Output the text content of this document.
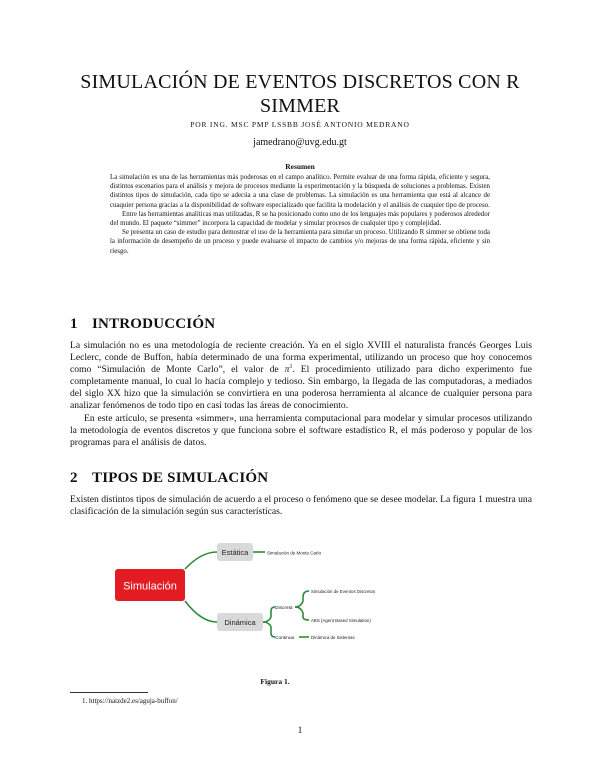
SIMULACIÓN DE EVENTOS DISCRETOS CON R SIMMER
POR ING. MSC PMP LSSBB JOSÉ ANTONIO MEDRANO
jamedrano@uvg.edu.gt
Resumen

La simulación es una de las herramientas más poderosas en el campo analítico. Permite evaluar de una forma rápida, eficiente y segura, distintos escenarios para el análisis y mejora de procesos mediante la experimentación y la búsqueda de soluciones a problemas. Existen distintos tipos de simulación, cada tipo se adecúa a una clase de problemas. La simulación es una herramienta que está al alcance de cuaquier persona gracias a la disponibilidad de software especializado que facilita la modelación y el análisis de cuaquier tipo de proceso.

Entre las herramientas analíticas mas utilizadas, R se ha posicionado como uno de los lenguajes más populares y poderosos alrededor del mundo. El paquete “simmer” incorpora la capacidad de modelar y simular procesos de cualquier tipo y complejidad.

Se presenta un caso de estudio para demostrar el uso de la herramienta para simular un proceso. Utilizando R simmer se obtiene toda la información de desempeño de un proceso y puede evaluarse el impacto de cambios y/o mejoras de una forma rápida, eficiente y sin riesgo.

1 INTRODUCCIÓN

La simulación no es una metodología de reciente creación. Ya en el siglo XVIII el naturalista francés Georges Luis Leclerc, conde de Buffon, había determinado de una forma experimental, utilizando un proceso que hoy conocemos como “Simulación de Monte Carlo”, el valor de $\pi^1$. El procedimiento utilizado para dicho experimento fue completamente manual, lo cual lo hacía complejo y tedioso. Sin embargo, la llegada de las computadoras, a mediados del siglo XX hizo que la simulación se convirtiera en una poderosa herramienta al alcance de cualquier persona para analizar fenómenos de todo tipo en casi todas las áreas de conocimiento.

En este artículo, se presenta «simmer», una herramienta computacional para modelar y simular procesos utilizando la metodología de eventos discretos y que funciona sobre el software estadístico R, el más poderoso y popular de los programas para el análisis de datos.

2 TIPOS DE SIMULACIÓN

Existen distintos tipos de simulación de acuerdo a el proceso o fenómeno que se desee modelar. La figura 1 muestra una clasificación de la simulación según sus características.

Simulación
Estática	Simulación de Monte Carlo
Dinámica
Discreta
Simulación de Eventos Discretos
ABS (Agent Based Simulation)
Continua	Dinámica de Sistemas
Figura 1.
1. https://naizde2.es/aguja-buffon/
1
